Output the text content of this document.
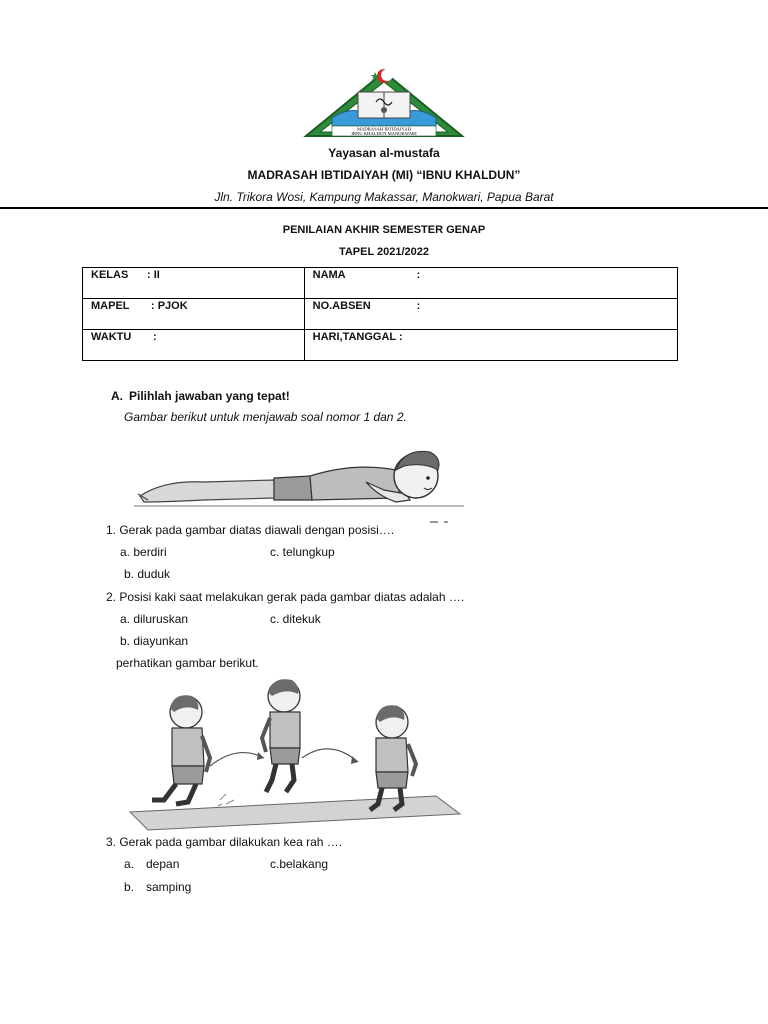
MADRASAH IBTIDAIYAH
IBNU KHALDUN MANOKWARI
Yayasan al-mustafa
MADRASAH IBTIDAIYAH (MI) “IBNU KHALDUN”
Jln. Trikora Wosi, Kampung Makassar, Manokwari, Papua Barat
PENILAIAN AKHIR SEMESTER GENAP
TAPEL 2021/2022
KELAS : II	NAMA :
MAPEL : PJOK	NO.ABSEN :
WAKTU :	HARI,TANGGAL :
A. Pilihlah jawaban yang tepat!
Gambar berikut untuk menjawab soal nomor 1 dan 2.
1. Gerak pada gambar diatas diawali dengan posisi….
a. berdiri	c. telungkup
b. duduk
2. Posisi kaki saat melakukan gerak pada gambar diatas adalah ….
a. diluruskan	c. ditekuk
b. diayunkan
perhatikan gambar berikut.
3. Gerak pada gambar dilakukan kea rah ….
a. depan	c.belakang
b. samping
